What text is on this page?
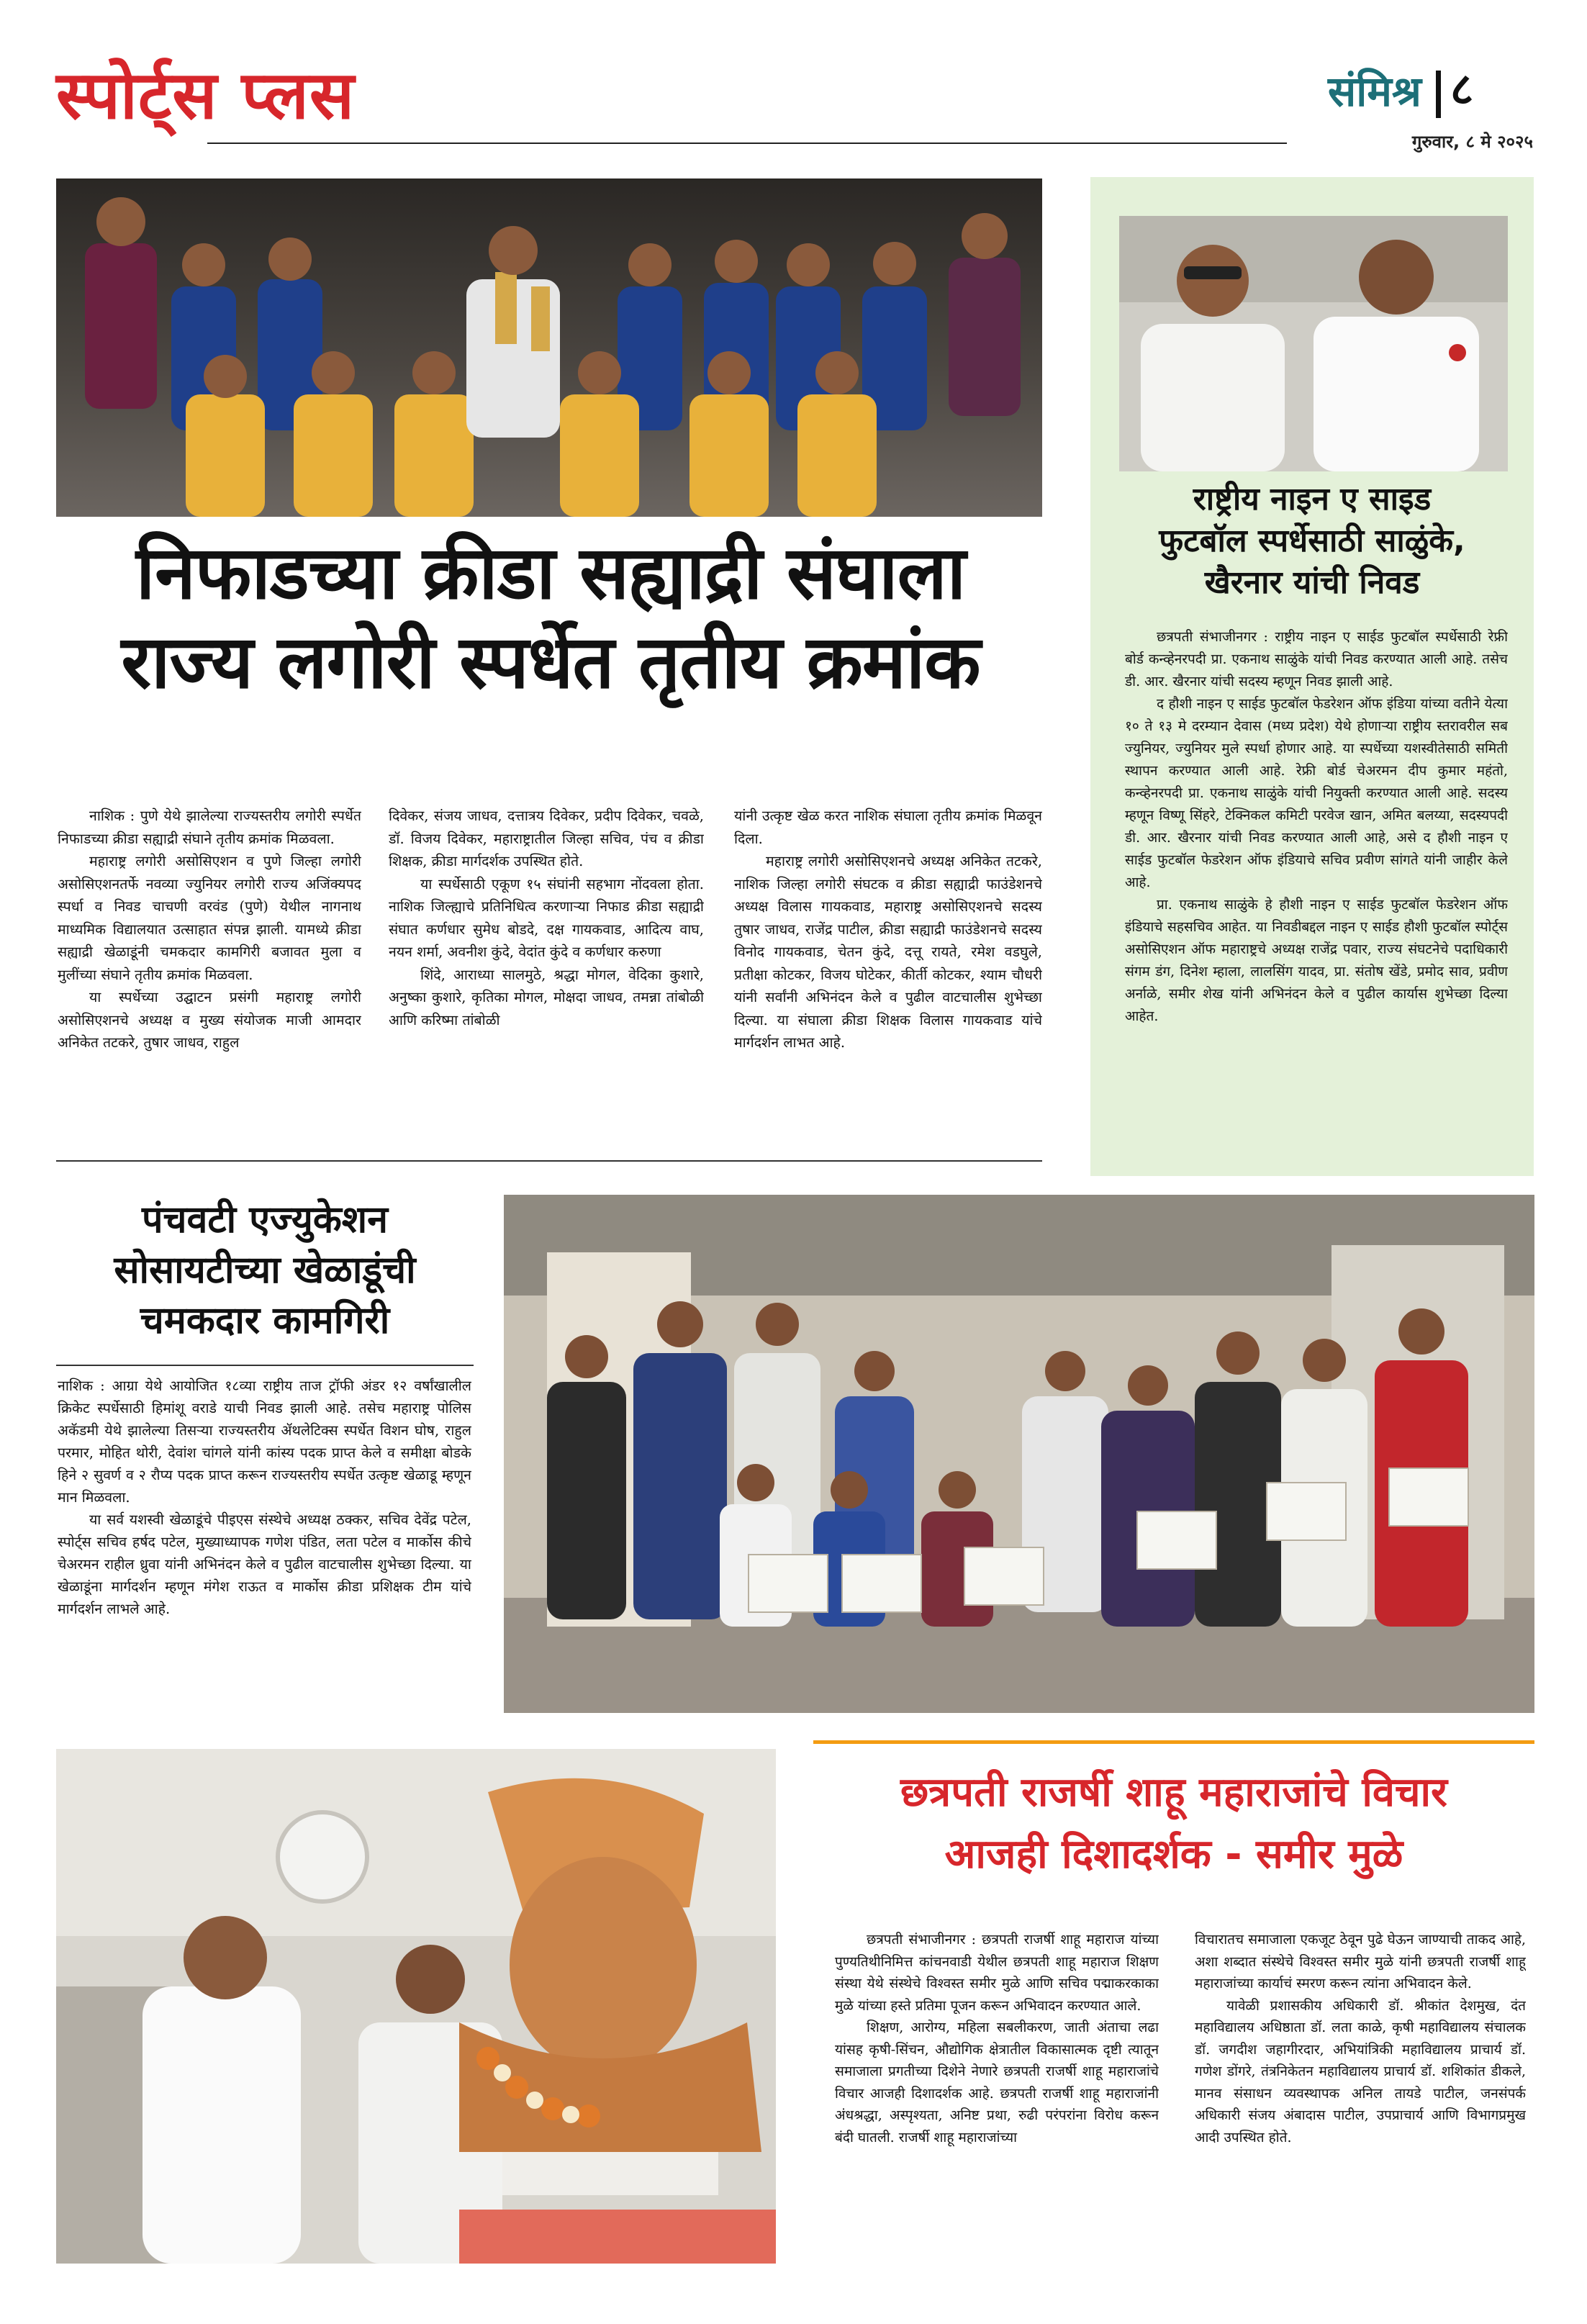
स्पोर्ट्स प्लस	संमिश्र ८
गुरुवार, ८ मे २०२५
निफाडच्या क्रीडा सह्याद्री संघाला
राज्य लगोरी स्पर्धेत तृतीय क्रमांक

नाशिक : पुणे येथे झालेल्या राज्यस्तरीय लगोरी स्पर्धेत निफाडच्या क्रीडा सह्याद्री संघाने तृतीय क्रमांक मिळवला.

महाराष्ट्र लगोरी असोसिएशन व पुणे जिल्हा लगोरी असोसिएशनतर्फे नवव्या ज्युनियर लगोरी राज्य अजिंक्यपद स्पर्धा व निवड चाचणी वरवंड (पुणे) येथील नागनाथ माध्यमिक विद्यालयात उत्साहात संपन्न झाली. यामध्ये क्रीडा सह्याद्री खेळाडूंनी चमकदार कामगिरी बजावत मुला व मुलींच्या संघाने तृतीय क्रमांक मिळवला.

या स्पर्धेच्या उद्घाटन प्रसंगी महाराष्ट्र लगोरी असोसिएशनचे अध्यक्ष व मुख्य संयोजक माजी आमदार अनिकेत तटकरे, तुषार जाधव, राहुल

दिवेकर, संजय जाधव, दत्तात्रय दिवेकर, प्रदीप दिवेकर, चवळे, डॉ. विजय दिवेकर, महाराष्ट्रातील जिल्हा सचिव, पंच व क्रीडा शिक्षक, क्रीडा मार्गदर्शक उपस्थित होते.

या स्पर्धेसाठी एकूण १५ संघांनी सहभाग नोंदवला होता. नाशिक जिल्ह्याचे प्रतिनिधित्व करणाऱ्या निफाड क्रीडा सह्याद्री संघात कर्णधार सुमेध बोडदे, दक्ष गायकवाड, आदित्य वाघ, नयन शर्मा, अवनीश कुंदे, वेदांत कुंदे व कर्णधार करुणा

शिंदे, आराध्या सालमुठे, श्रद्धा मोगल, वेदिका कुशारे, अनुष्का कुशारे, कृतिका मोगल, मोक्षदा जाधव, तमन्ना तांबोळी आणि करिष्मा तांबोळी

यांनी उत्कृष्ट खेळ करत नाशिक संघाला तृतीय क्रमांक मिळवून दिला.

महाराष्ट्र लगोरी असोसिएशनचे अध्यक्ष अनिकेत तटकरे, नाशिक जिल्हा लगोरी संघटक व क्रीडा सह्याद्री फाउंडेशनचे अध्यक्ष विलास गायकवाड, महाराष्ट्र असोसिएशनचे सदस्य तुषार जाधव, राजेंद्र पाटील, क्रीडा सह्याद्री फाउंडेशनचे सदस्य विनोद गायकवाड, चेतन कुंदे, दत्तू रायते, रमेश वडघुले, प्रतीक्षा कोटकर, विजय घोटेकर, कीर्ती कोटकर, श्याम चौधरी यांनी सर्वांनी अभिनंदन केले व पुढील वाटचालीस शुभेच्छा दिल्या. या संघाला क्रीडा शिक्षक विलास गायकवाड यांचे मार्गदर्शन लाभत आहे.

राष्ट्रीय नाइन ए साइड
फुटबॉल स्पर्धेसाठी साळुंके,
खैरनार यांची निवड

छत्रपती संभाजीनगर : राष्ट्रीय नाइन ए साईड फुटबॉल स्पर्धेसाठी रेफ्री बोर्ड कन्व्हेनरपदी प्रा. एकनाथ साळुंके यांची निवड करण्यात आली आहे. तसेच डी. आर. खैरनार यांची सदस्य म्हणून निवड झाली आहे.

द हौशी नाइन ए साईड फुटबॉल फेडरेशन ऑफ इंडिया यांच्या वतीने येत्या १० ते १३ मे दरम्यान देवास (मध्य प्रदेश) येथे होणाऱ्या राष्ट्रीय स्तरावरील सब ज्युनियर, ज्युनियर मुले स्पर्धा होणार आहे. या स्पर्धेच्या यशस्वीतेसाठी समिती स्थापन करण्यात आली आहे. रेफ्री बोर्ड चेअरमन दीप कुमार महंतो, कन्व्हेनरपदी प्रा. एकनाथ साळुंके यांची नियुक्ती करण्यात आली आहे. सदस्य म्हणून विष्णू सिंहरे, टेक्निकल कमिटी परवेज खान, अमित बलय्या, सदस्यपदी डी. आर. खैरनार यांची निवड करण्यात आली आहे, असे द हौशी नाइन ए साईड फुटबॉल फेडरेशन ऑफ इंडियाचे सचिव प्रवीण सांगते यांनी जाहीर केले आहे.

प्रा. एकनाथ साळुंके हे हौशी नाइन ए साईड फुटबॉल फेडरेशन ऑफ इंडियाचे सहसचिव आहेत. या निवडीबद्दल नाइन ए साईड हौशी फुटबॉल स्पोर्ट्स असोसिएशन ऑफ महाराष्ट्रचे अध्यक्ष राजेंद्र पवार, राज्य संघटनेचे पदाधिकारी संगम डंग, दिनेश म्हाला, लालसिंग यादव, प्रा. संतोष खेंडे, प्रमोद साव, प्रवीण अर्नाळे, समीर शेख यांनी अभिनंदन केले व पुढील कार्यास शुभेच्छा दिल्या आहेत.

पंचवटी एज्युकेशन
सोसायटीच्या खेळाडूंची
चमकदार कामगिरी

नाशिक : आग्रा येथे आयोजित १८व्या राष्ट्रीय ताज ट्रॉफी अंडर १२ वर्षांखालील क्रिकेट स्पर्धेसाठी हिमांशू वराडे याची निवड झाली आहे. तसेच महाराष्ट्र पोलिस अकॅडमी येथे झालेल्या तिसऱ्या राज्यस्तरीय ॲथलेटिक्स स्पर्धेत विशन घोष, राहुल परमार, मोहित थोरी, देवांश चांगले यांनी कांस्य पदक प्राप्त केले व समीक्षा बोडके हिने २ सुवर्ण व २ रौप्य पदक प्राप्त करून राज्यस्तरीय स्पर्धेत उत्कृष्ट खेळाडू म्हणून मान मिळवला.

या सर्व यशस्वी खेळाडूंचे पीइएस संस्थेचे अध्यक्ष ठक्कर, सचिव देवेंद्र पटेल, स्पोर्ट्स सचिव हर्षद पटेल, मुख्याध्यापक गणेश पंडित, लता पटेल व मार्कोस कीचे चेअरमन राहील ध्रुवा यांनी अभिनंदन केले व पुढील वाटचालीस शुभेच्छा दिल्या. या खेळाडूंना मार्गदर्शन म्हणून मंगेश राऊत व मार्कोस क्रीडा प्रशिक्षक टीम यांचे मार्गदर्शन लाभले आहे.

छत्रपती राजर्षी शाहू महाराजांचे विचार
आजही दिशादर्शक - समीर मुळे

छत्रपती संभाजीनगर : छत्रपती राजर्षी शाहू महाराज यांच्या पुण्यतिथीनिमित्त कांचनवाडी येथील छत्रपती शाहू महाराज शिक्षण संस्था येथे संस्थेचे विश्वस्त समीर मुळे आणि सचिव पद्माकरकाका मुळे यांच्या हस्ते प्रतिमा पूजन करून अभिवादन करण्यात आले.

शिक्षण, आरोग्य, महिला सबलीकरण, जाती अंताचा लढा यांसह कृषी-सिंचन, औद्योगिक क्षेत्रातील विकासात्मक दृष्टी त्यातून समाजाला प्रगतीच्या दिशेने नेणारे छत्रपती राजर्षी शाहू महाराजांचे विचार आजही दिशादर्शक आहे. छत्रपती राजर्षी शाहू महाराजांनी अंधश्रद्धा, अस्पृश्यता, अनिष्ट प्रथा, रुढी परंपरांना विरोध करून बंदी घातली. राजर्षी शाहू महाराजांच्या

विचारातच समाजाला एकजूट ठेवून पुढे घेऊन जाण्याची ताकद आहे, अशा शब्दात संस्थेचे विश्वस्त समीर मुळे यांनी छत्रपती राजर्षी शाहू महाराजांच्या कार्याचं स्मरण करून त्यांना अभिवादन केले.

यावेळी प्रशासकीय अधिकारी डॉ. श्रीकांत देशमुख, दंत महाविद्यालय अधिष्ठाता डॉ. लता काळे, कृषी महाविद्यालय संचालक डॉ. जगदीश जहागीरदार, अभियांत्रिकी महाविद्यालय प्राचार्य डॉ. गणेश डोंगरे, तंत्रनिकेतन महाविद्यालय प्राचार्य डॉ. शशिकांत डीकले, मानव संसाधन व्यवस्थापक अनिल तायडे पाटील, जनसंपर्क अधिकारी संजय अंबादास पाटील, उपप्राचार्य आणि विभागप्रमुख आदी उपस्थित होते.
